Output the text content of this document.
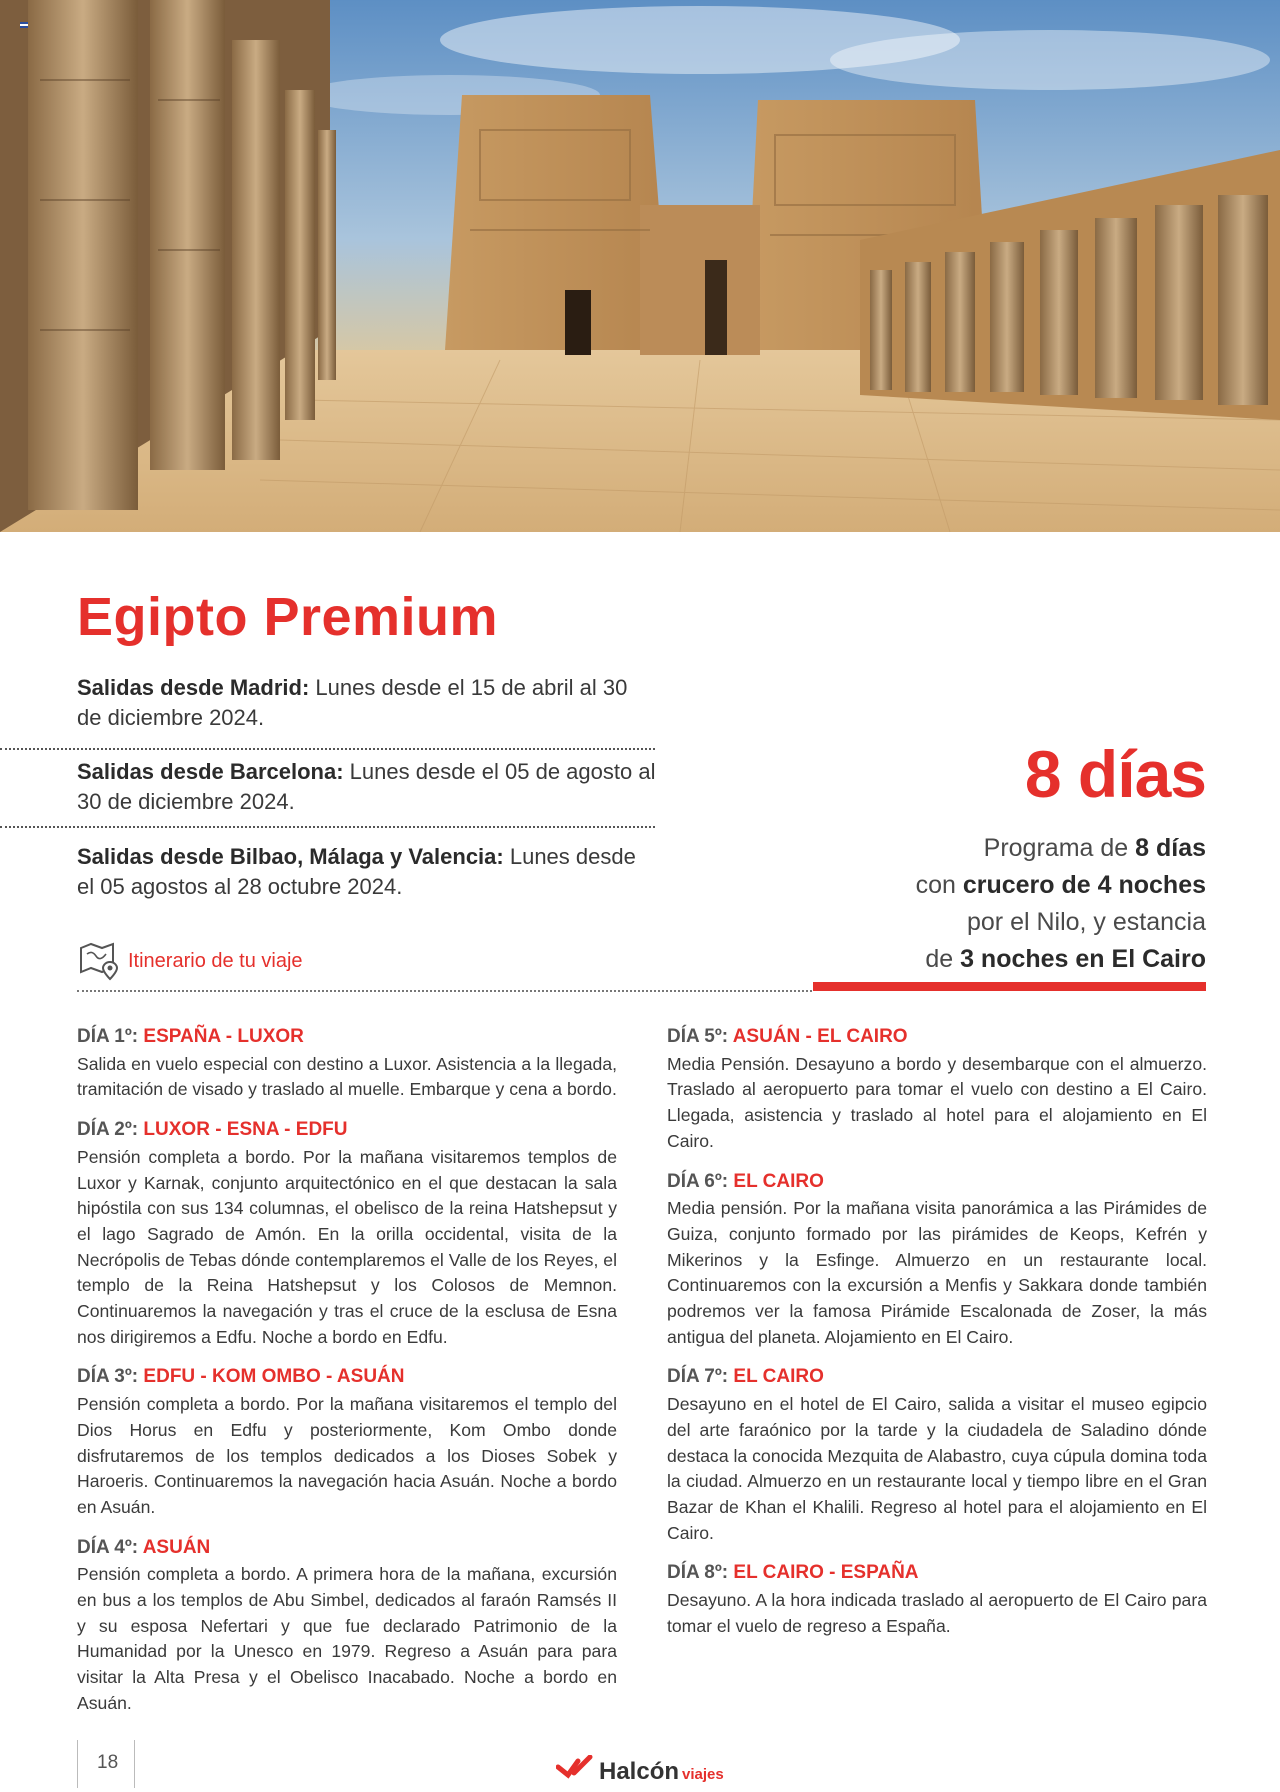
Egipto Premium
Salidas desde Madrid: Lunes desde el 15 de abril al 30 de diciembre 2024.
Salidas desde Barcelona: Lunes desde el 05 de agosto al 30 de diciembre 2024.
Salidas desde Bilbao, Málaga y Valencia: Lunes desde el 05 agostos al 28 octubre 2024.
8 días
Programa de 8 días
con crucero de 4 noches
por el Nilo, y estancia
de 3 noches en El Cairo
Itinerario de tu viaje
DÍA 1º: ESPAÑA - LUXOR

Salida en vuelo especial con destino a Luxor. Asistencia a la llegada, tramitación de visado y traslado al muelle. Embarque y cena a bordo.

DÍA 2º: LUXOR - ESNA - EDFU

Pensión completa a bordo. Por la mañana visitaremos templos de Luxor y Karnak, conjunto arquitectónico en el que destacan la sala hipóstila con sus 134 columnas, el obelisco de la reina Hatshepsut y el lago Sagrado de Amón. En la orilla occidental, visita de la Necrópolis de Tebas dónde contemplaremos el Valle de los Reyes, el templo de la Reina Hatshepsut y los Colosos de Memnon. Continuaremos la navegación y tras el cruce de la esclusa de Esna nos dirigiremos a Edfu. Noche a bordo en Edfu.

DÍA 3º: EDFU - KOM OMBO - ASUÁN

Pensión completa a bordo. Por la mañana visitaremos el templo del Dios Horus en Edfu y posteriormente, Kom Ombo donde disfrutaremos de los templos dedicados a los Dioses Sobek y Haroeris. Continuaremos la navegación hacia Asuán. Noche a bordo en Asuán.

DÍA 4º: ASUÁN

Pensión completa a bordo. A primera hora de la mañana, excursión en bus a los templos de Abu Simbel, dedicados al faraón Ramsés II y su esposa Nefertari y que fue declarado Patrimonio de la Humanidad por la Unesco en 1979. Regreso a Asuán para para visitar la Alta Presa y el Obelisco Inacabado. Noche a bordo en Asuán.

DÍA 5º: ASUÁN - EL CAIRO

Media Pensión. Desayuno a bordo y desembarque con el almuerzo. Traslado al aeropuerto para tomar el vuelo con destino a El Cairo. Llegada, asistencia y traslado al hotel para el alojamiento en El Cairo.

DÍA 6º: EL CAIRO

Media pensión. Por la mañana visita panorámica a las Pirámides de Guiza, conjunto formado por las pirámides de Keops, Kefrén y Mikerinos y la Esfinge. Almuerzo en un restaurante local. Continuaremos con la excursión a Menfis y Sakkara donde también podremos ver la famosa Pirámide Escalonada de Zoser, la más antigua del planeta. Alojamiento en El Cairo.

DÍA 7º: EL CAIRO

Desayuno en el hotel de El Cairo, salida a visitar el museo egipcio del arte faraónico por la tarde y la ciudadela de Saladino dónde destaca la conocida Mezquita de Alabastro, cuya cúpula domina toda la ciudad. Almuerzo en un restaurante local y tiempo libre en el Gran Bazar de Khan el Khalili. Regreso al hotel para el alojamiento en El Cairo.

DÍA 8º: EL CAIRO - ESPAÑA

Desayuno. A la hora indicada traslado al aeropuerto de El Cairo para tomar el vuelo de regreso a España.

18	Halcón viajes
